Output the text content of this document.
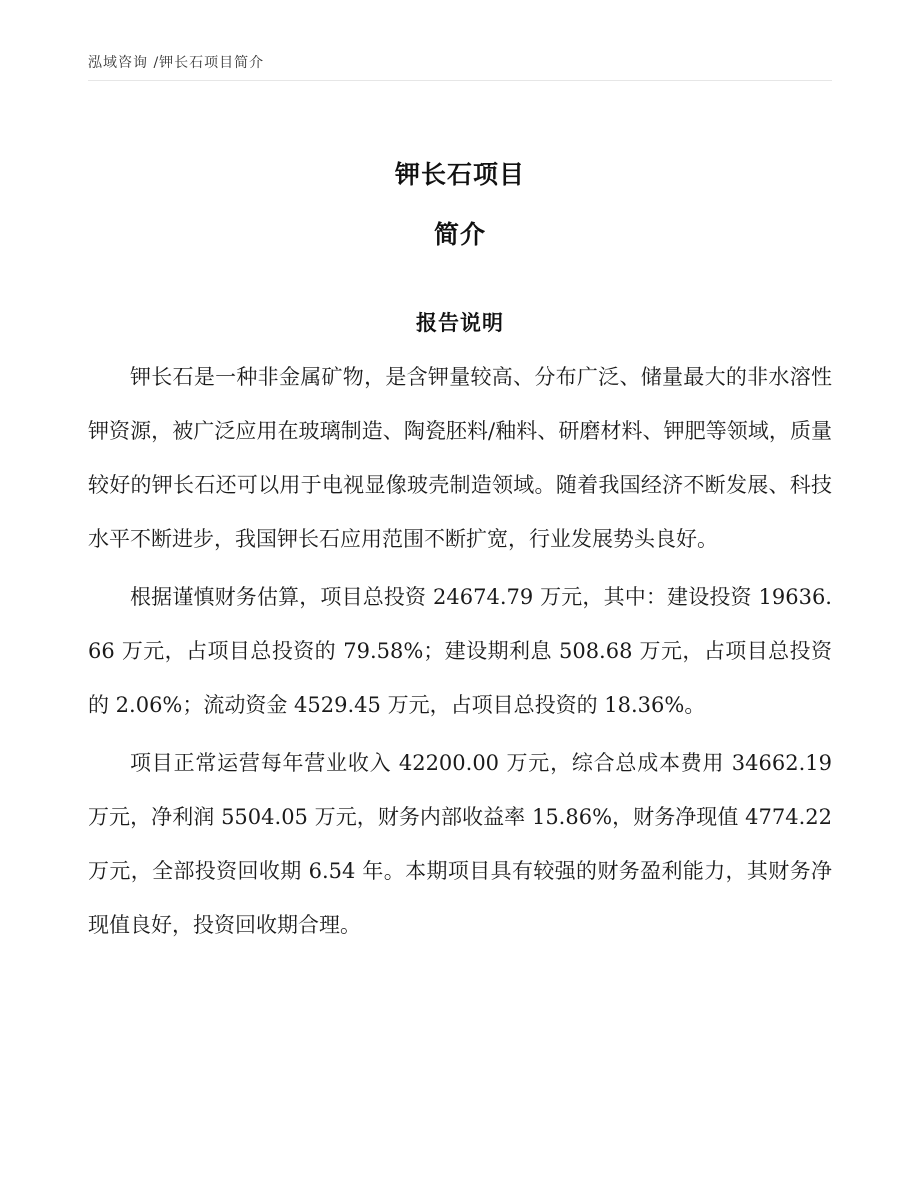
泓域咨询 /钾长石项目简介
钾长石项目
简介
报告说明

钾长石是一种非金属矿物，是含钾量较高、分布广泛、储量最大的非水溶性钾资源，被广泛应用在玻璃制造、陶瓷胚料/釉料、研磨材料、钾肥等领域，质量较好的钾长石还可以用于电视显像玻壳制造领域。随着我国经济不断发展、科技水平不断进步，我国钾长石应用范围不断扩宽，行业发展势头良好。

根据谨慎财务估算，项目总投资 24674.79 万元，其中：建设投资 19636.66 万元，占项目总投资的 79.58%；建设期利息 508.68 万元，占项目总投资的 2.06%；流动资金 4529.45 万元，占项目总投资的 18.36%。

项目正常运营每年营业收入 42200.00 万元，综合总成本费用 34662.19 万元，净利润 5504.05 万元，财务内部收益率 15.86%，财务净现值 4774.22 万元，全部投资回收期 6.54 年。本期项目具有较强的财务盈利能力，其财务净现值良好，投资回收期合理。
